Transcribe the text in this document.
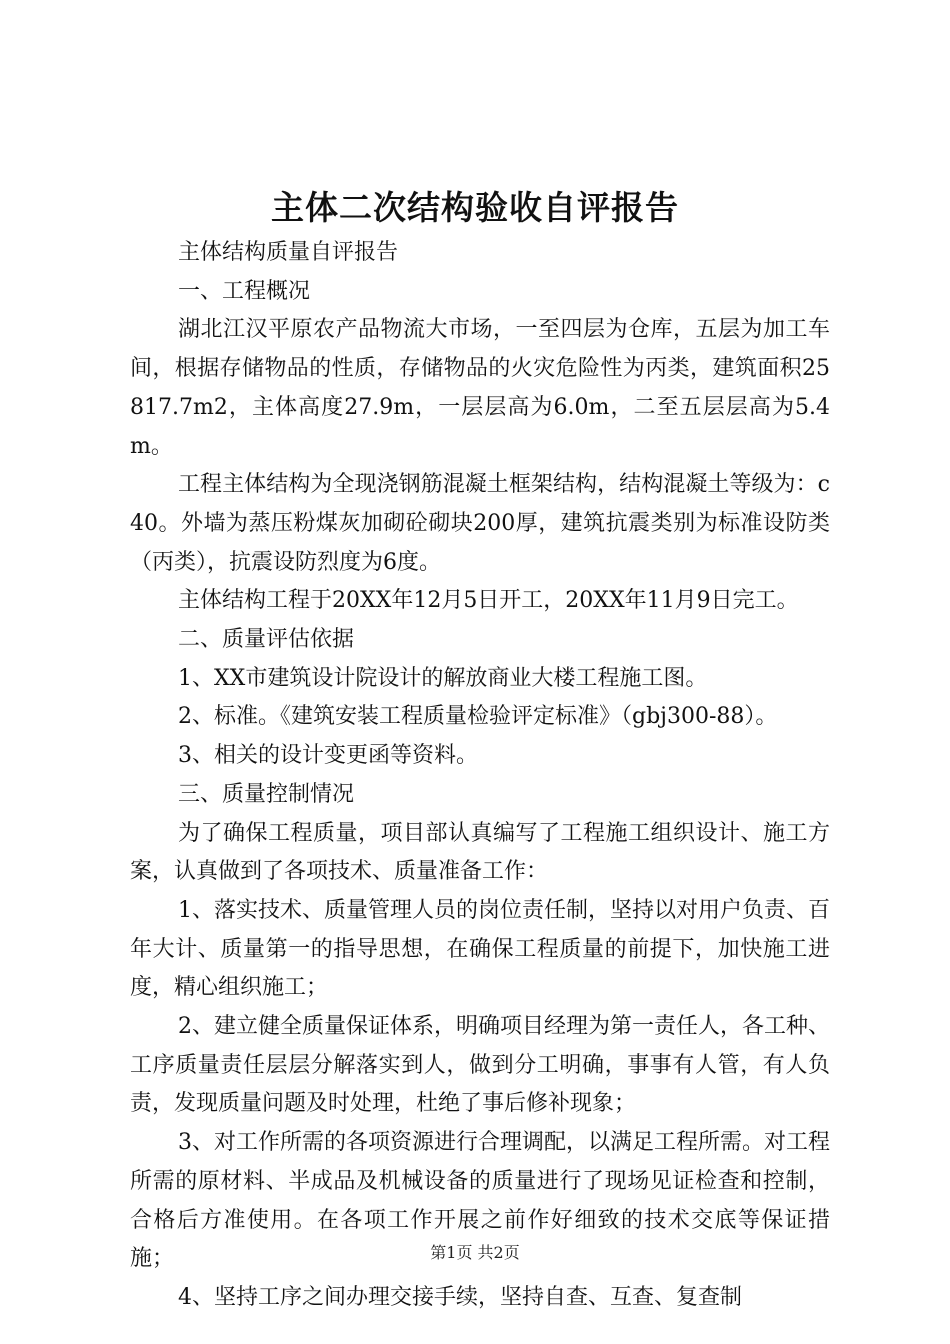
主体二次结构验收自评报告

主体结构质量自评报告

一、工程概况

湖北江汉平原农产品物流大市场，一至四层为仓库，五层为加工车间，根据存储物品的性质，存储物品的火灾危险性为丙类，建筑面积25817.7m2，主体高度27.9m，一层层高为6.0m，二至五层层高为5.4m。

工程主体结构为全现浇钢筋混凝土框架结构，结构混凝土等级为：c40。外墙为蒸压粉煤灰加砌砼砌块200厚，建筑抗震类别为标准设防类（丙类），抗震设防烈度为6度。

主体结构工程于20XX年12月5日开工，20XX年11月9日完工。

二、质量评估依据

1、XX市建筑设计院设计的解放商业大楼工程施工图。

2、标准。《建筑安装工程质量检验评定标准》（gbj300-88）。

3、相关的设计变更函等资料。

三、质量控制情况

为了确保工程质量，项目部认真编写了工程施工组织设计、施工方案，认真做到了各项技术、质量准备工作：

1、落实技术、质量管理人员的岗位责任制，坚持以对用户负责、百年大计、质量第一的指导思想，在确保工程质量的前提下，加快施工进度，精心组织施工；

2、建立健全质量保证体系，明确项目经理为第一责任人，各工种、工序质量责任层层分解落实到人，做到分工明确，事事有人管，有人负责，发现质量问题及时处理，杜绝了事后修补现象；

3、对工作所需的各项资源进行合理调配，以满足工程所需。对工程所需的原材料、半成品及机械设备的质量进行了现场见证检查和控制，合格后方准使用。在各项工作开展之前作好细致的技术交底等保证措施；

4、坚持工序之间办理交接手续，坚持自查、互查、复查制

第1页 共2页
